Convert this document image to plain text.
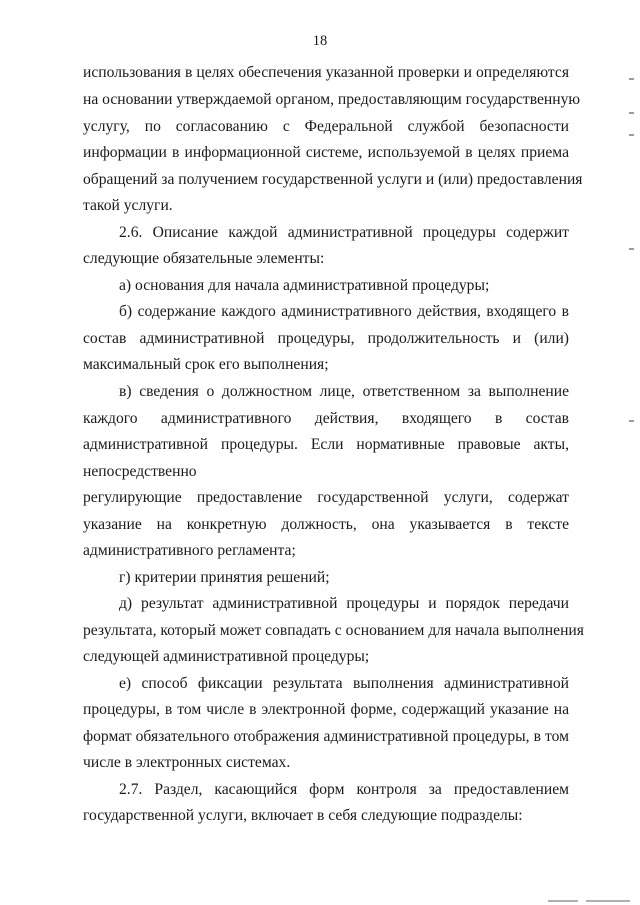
18
использования в целях обеспечения указанной проверки и определяются
на основании утверждаемой органом, предоставляющим государственную
услугу, по согласованию с Федеральной службой безопасности
информации в информационной системе, используемой в целях приема
обращений за получением государственной услуги и (или) предоставления
такой услуги.
2.6. Описание каждой административной процедуры содержит
следующие обязательные элементы:
а) основания для начала административной процедуры;
б) содержание каждого административного действия, входящего в
состав административной процедуры, продолжительность и (или)
максимальный срок его выполнения;
в) сведения о должностном лице, ответственном за выполнение
каждого административного действия, входящего в состав
административной процедуры. Если нормативные правовые акты,
непосредственно
регулирующие предоставление государственной услуги, содержат
указание на конкретную должность, она указывается в тексте
административного регламента;
г) критерии принятия решений;
д) результат административной процедуры и порядок передачи
результата, который может совпадать с основанием для начала выполнения
следующей административной процедуры;
е) способ фиксации результата выполнения административной
процедуры, в том числе в электронной форме, содержащий указание на
формат обязательного отображения административной процедуры, в том
числе в электронных системах.
2.7. Раздел, касающийся форм контроля за предоставлением
государственной услуги, включает в себя следующие подразделы:
